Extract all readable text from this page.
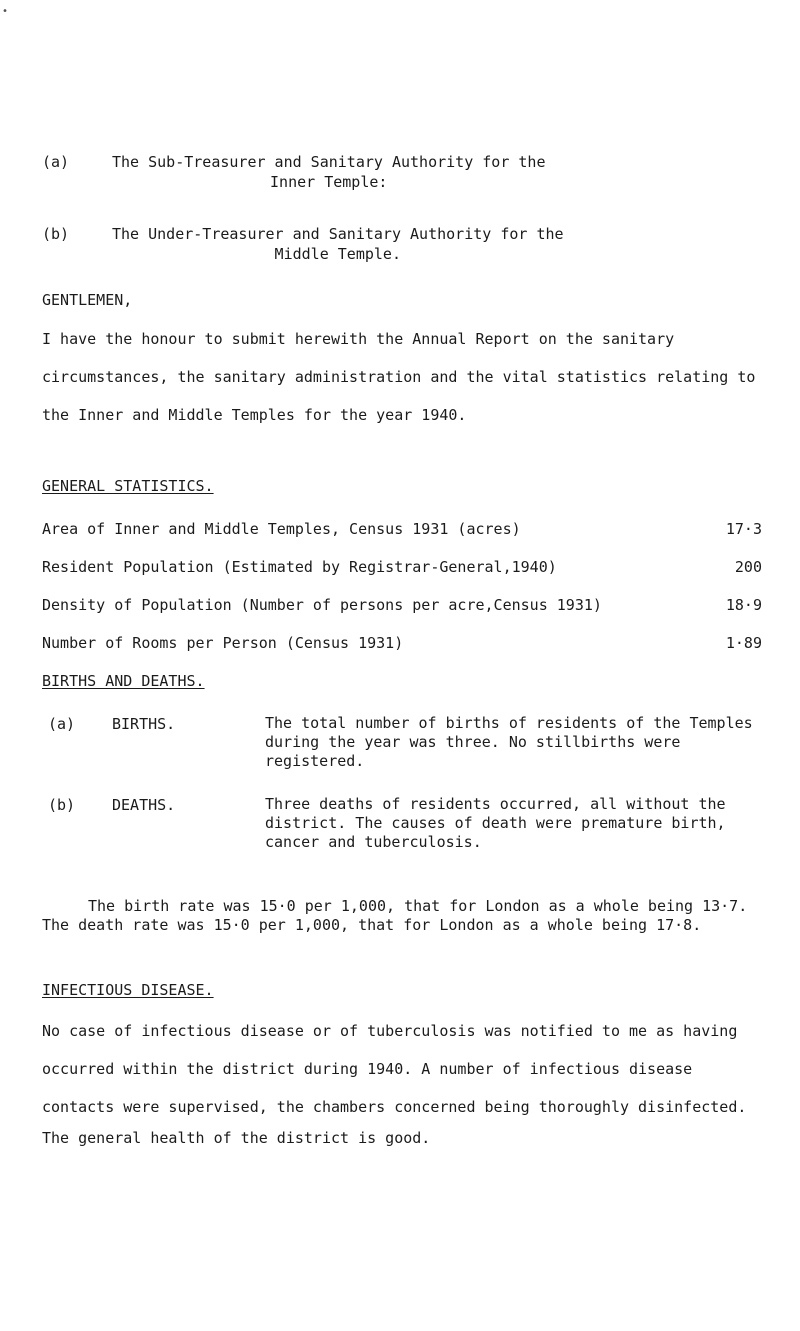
•
(a)	The Sub-Treasurer and Sanitary Authority for the
Inner Temple:
(b)	The Under-Treasurer and Sanitary Authority for the
Middle Temple.
GENTLEMEN,
I have the honour to submit herewith the Annual Report on the sanitary circumstances, the sanitary administration and the vital statistics relating to the Inner and Middle Temples for the year 1940.
GENERAL STATISTICS.
Area of Inner and Middle Temples, Census 1931 (acres)	17·3
Resident Population (Estimated by Registrar-General,1940)	200
Density of Population (Number of persons per acre,Census 1931)	18·9
Number of Rooms per Person (Census 1931)	1·89
BIRTHS AND DEATHS.
(a) BIRTHS.	The total number of births of residents of the Temples during the year was three. No stillbirths were registered.
(b) DEATHS.	Three deaths of residents occurred, all without the district. The causes of death were premature birth, cancer and tuberculosis.
The birth rate was 15·0 per 1,000, that for London as a whole being 13·7. The death rate was 15·0 per 1,000, that for London as a whole being 17·8.
INFECTIOUS DISEASE.
No case of infectious disease or of tuberculosis was notified to me as having occurred within the district during 1940. A number of infectious disease contacts were supervised, the chambers concerned being thoroughly disinfected.
The general health of the district is good.
